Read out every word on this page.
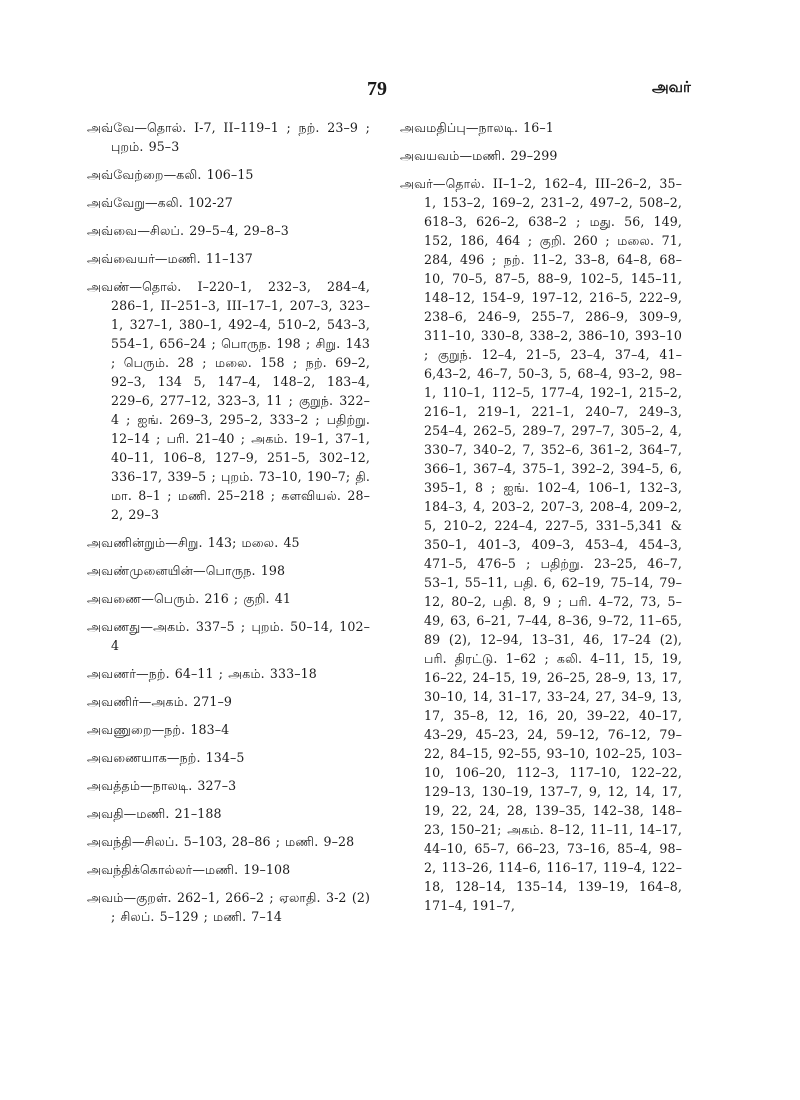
79	அவர்

அவ்வே—தொல். I-7, II–119–1 ; நற். 23–9 ; புறம். 95–3

அவ்வேற்றை—கலி. 106–15

அவ்வேறு—கலி. 102-27

அவ்வை—சிலப். 29–5–4, 29–8–3

அவ்வையர்—மணி. 11–137

அவண்—தொல். I–220–1, 232–3, 284–4, 286–1, II–251–3, III–17–1, 207–3, 323–1, 327–1, 380–1, 492–4, 510–2, 543–3, 554–1, 656–24 ; பொருந. 198 ; சிறு. 143 ; பெரும். 28 ; மலை. 158 ; நற். 69–2, 92–3, 134 5, 147–4, 148–2, 183–4, 229–6, 277–12, 323–3, 11 ; குறுந். 322–4 ; ஐங். 269–3, 295–2, 333–2 ; பதிற்று. 12–14 ; பரி. 21–40 ; அகம். 19–1, 37–1, 40–11, 106–8, 127–9, 251–5, 302–12, 336–17, 339–5 ; புறம். 73–10, 190–7; தி. மா. 8–1 ; மணி. 25–218 ; களவியல். 28–2, 29–3

அவணின்றும்—சிறு. 143; மலை. 45

அவண்முனையின்—பொருந. 198

அவணை—பெரும். 216 ; குறி. 41

அவணது—அகம். 337–5 ; புறம். 50–14, 102–4

அவணர்—நற். 64–11 ; அகம். 333–18

அவணிர்—அகம். 271–9

அவணுறை—நற். 183–4

அவணையாக—நற். 134–5

அவத்தம்—நாலடி. 327–3

அவதி—மணி. 21–188

அவந்தி—சிலப். 5–103, 28–86 ; மணி. 9–28

அவந்திக்கொல்லர்—மணி. 19–108

அவம்—குறள். 262–1, 266–2 ; ஏலாதி. 3-2 (2) ; சிலப். 5–129 ; மணி. 7–14

அவமதிப்பு—நாலடி. 16–1

அவயவம்—மணி. 29–299

அவர்—தொல். II–1–2, 162–4, III–26–2, 35–1, 153–2, 169–2, 231–2, 497–2, 508–2, 618–3, 626–2, 638–2 ; மது. 56, 149, 152, 186, 464 ; குறி. 260 ; மலை. 71, 284, 496 ; நற். 11–2, 33–8, 64–8, 68–10, 70–5, 87–5, 88–9, 102–5, 145–11, 148–12, 154–9, 197–12, 216–5, 222–9, 238–6, 246–9, 255–7, 286–9, 309–9, 311–10, 330–8, 338–2, 386–10, 393–10 ; குறுந். 12–4, 21–5, 23–4, 37–4, 41–6,43–2, 46–7, 50–3, 5, 68–4, 93–2, 98–1, 110–1, 112–5, 177–4, 192–1, 215–2, 216–1, 219–1, 221–1, 240–7, 249–3, 254–4, 262–5, 289–7, 297–7, 305–2, 4, 330–7, 340–2, 7, 352–6, 361–2, 364–7, 366–1, 367–4, 375–1, 392–2, 394–5, 6, 395–1, 8 ; ஐங். 102–4, 106–1, 132–3, 184–3, 4, 203–2, 207–3, 208–4, 209–2, 5, 210–2, 224–4, 227–5, 331–5,341 & 350–1, 401–3, 409–3, 453–4, 454–3, 471–5, 476–5 ; பதிற்று. 23–25, 46–7, 53–1, 55–11, பதி. 6, 62–19, 75–14, 79–12, 80–2, பதி. 8, 9 ; பரி. 4–72, 73, 5–49, 63, 6–21, 7–44, 8–36, 9–72, 11–65, 89 (2), 12–94, 13–31, 46, 17–24 (2), பரி. திரட்டு. 1–62 ; கலி. 4–11, 15, 19, 16–22, 24–15, 19, 26–25, 28–9, 13, 17, 30–10, 14, 31–17, 33–24, 27, 34–9, 13, 17, 35–8, 12, 16, 20, 39–22, 40–17, 43–29, 45–23, 24, 59–12, 76–12, 79–22, 84–15, 92–55, 93–10, 102–25, 103–10, 106–20, 112–3, 117–10, 122–22, 129–13, 130–19, 137–7, 9, 12, 14, 17, 19, 22, 24, 28, 139–35, 142–38, 148–23, 150–21; அகம். 8–12, 11–11, 14–17, 44–10, 65–7, 66–23, 73–16, 85–4, 98–2, 113–26, 114–6, 116–17, 119–4, 122–18, 128–14, 135–14, 139–19, 164–8, 171–4, 191–7,
